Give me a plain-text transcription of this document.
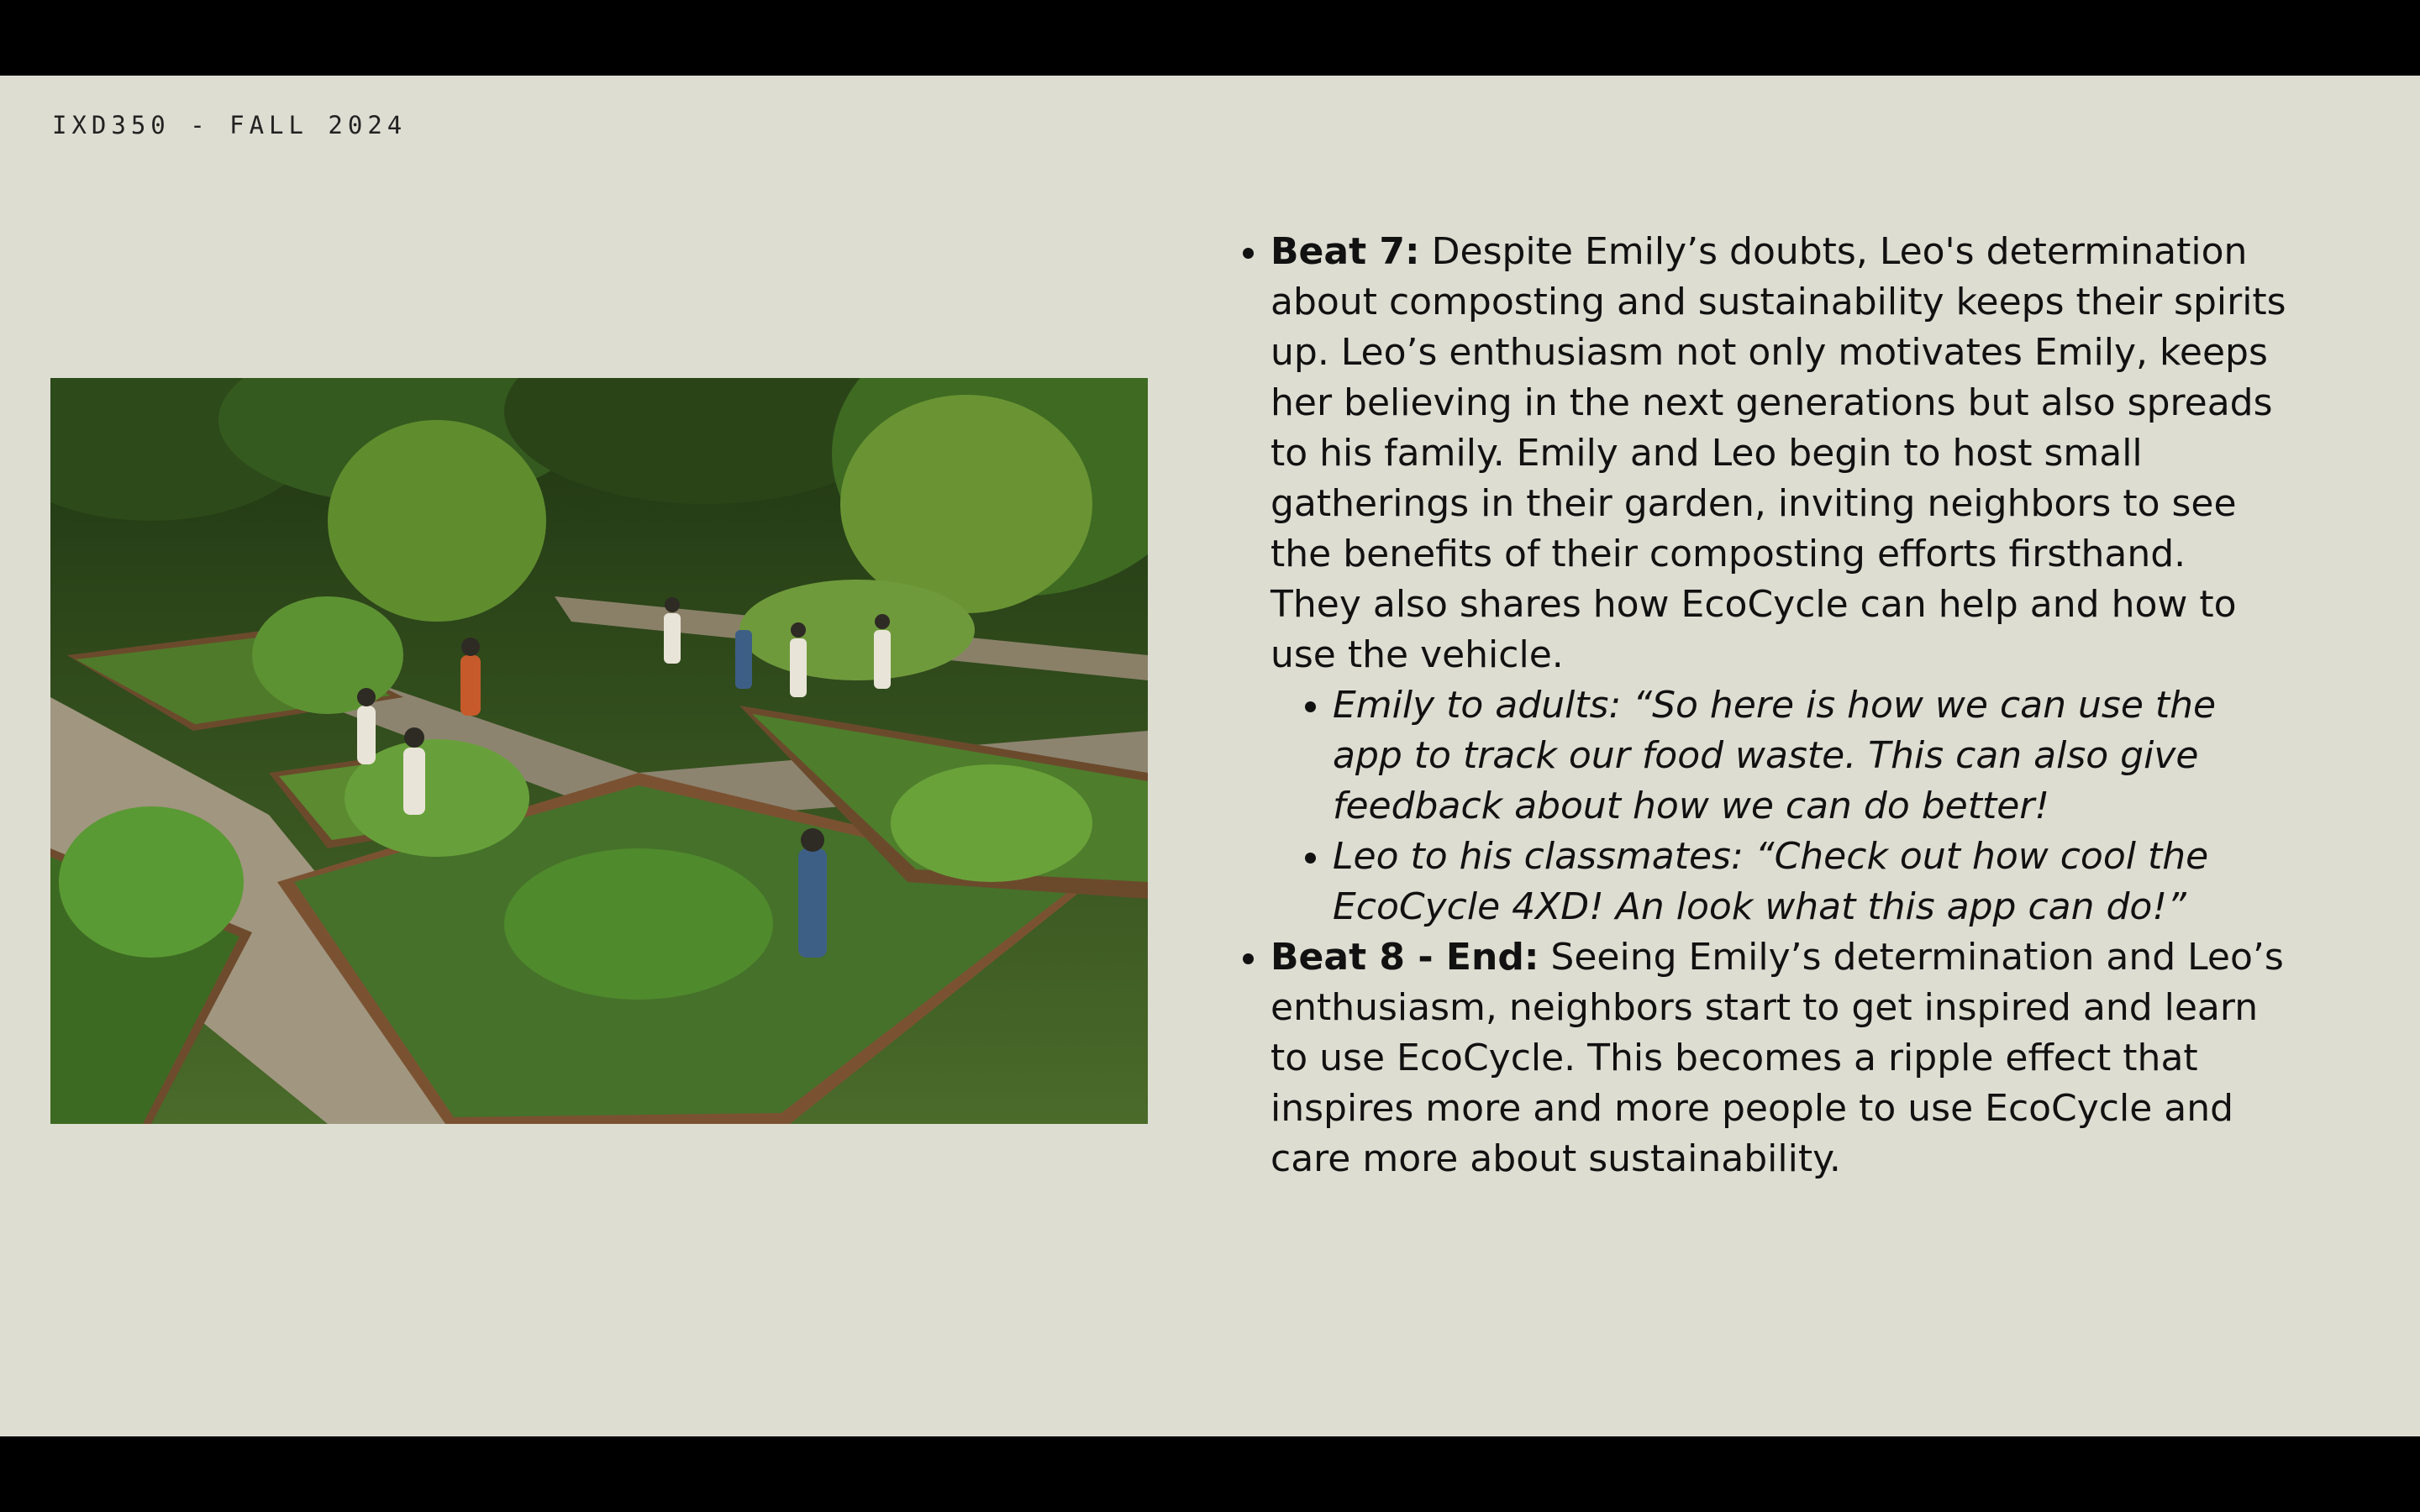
IXD350 - FALL 2024
• Beat 7: Despite Emily’s doubts, Leo's determination about composting and sustainability keeps their spirits up. Leo’s enthusiasm not only motivates Emily, keeps her believing in the next generations but also spreads to his family. Emily and Leo begin to host small gatherings in their garden, inviting neighbors to see the benefits of their composting efforts firsthand. They also shares how EcoCycle can help and how to use the vehicle.
• Emily to adults: “So here is how we can use the app to track our food waste. This can also give feedback about how we can do better!
• Leo to his classmates: “Check out how cool the EcoCycle 4XD! An look what this app can do!”
• Beat 8 - End: Seeing Emily’s determination and Leo’s enthusiasm, neighbors start to get inspired and learn to use EcoCycle. This becomes a ripple effect that inspires more and more people to use EcoCycle and care more about sustainability.
